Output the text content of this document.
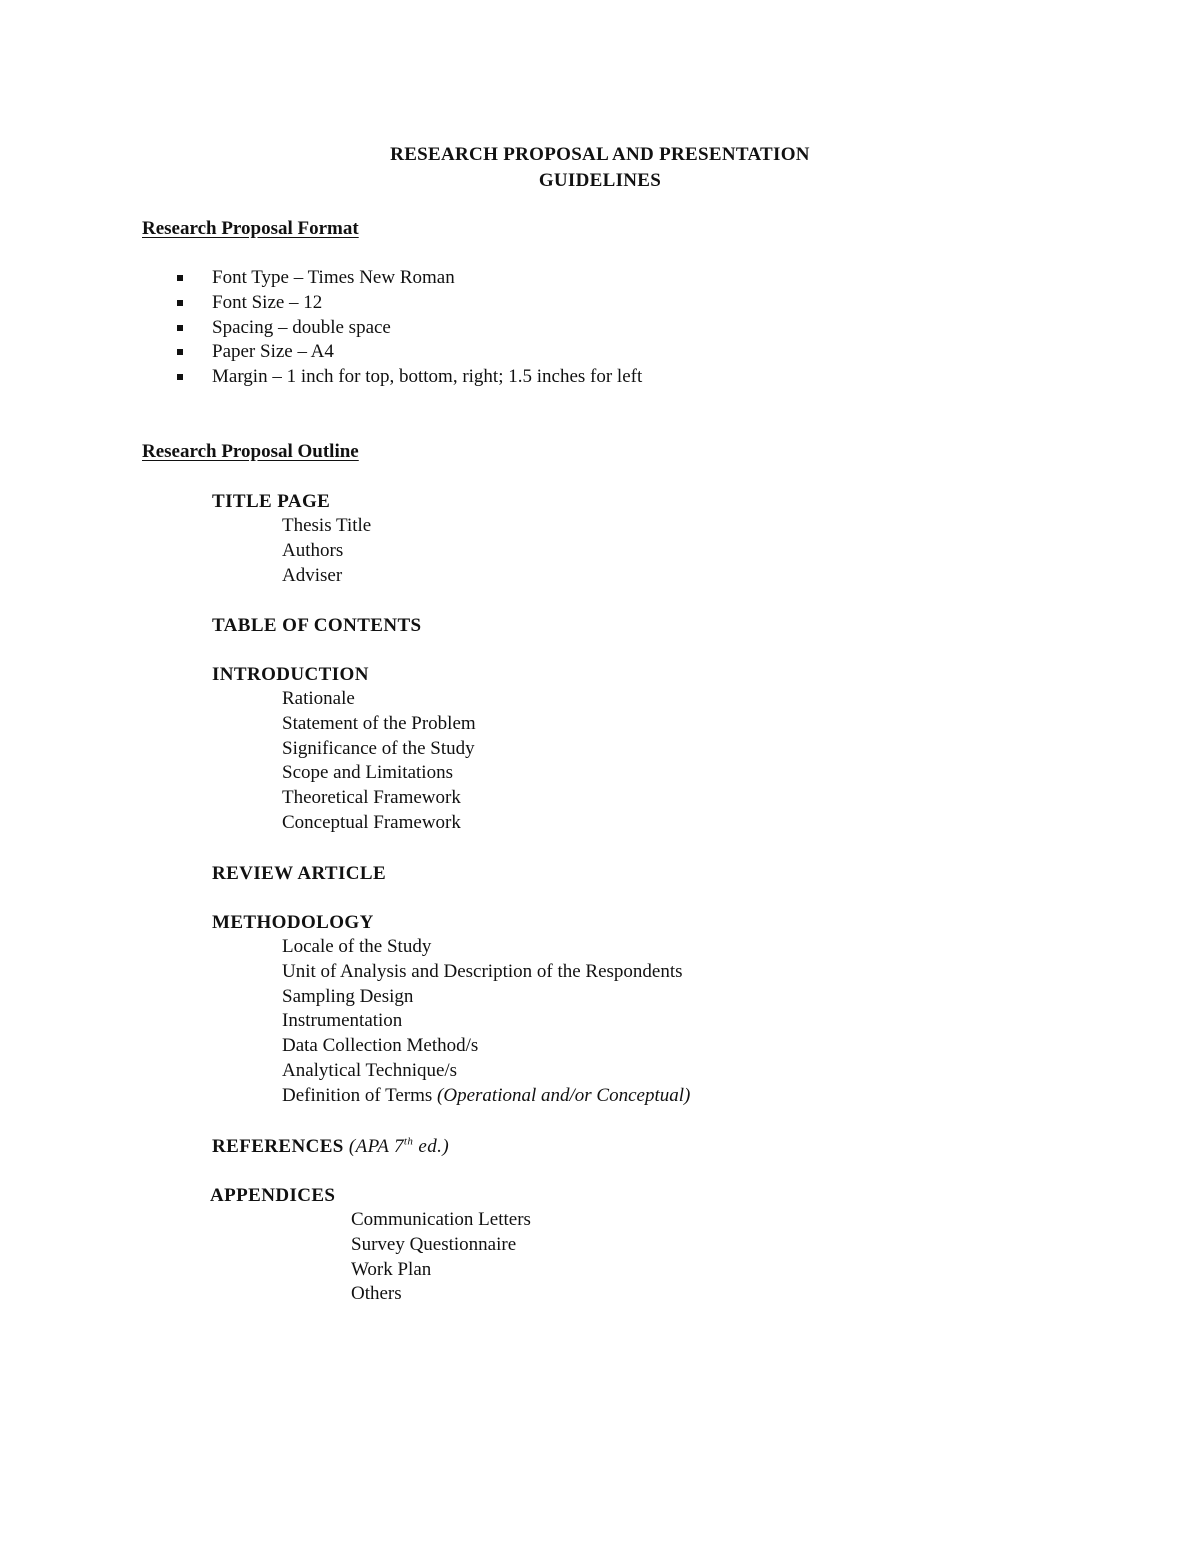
RESEARCH PROPOSAL AND PRESENTATION
GUIDELINES
Research Proposal Format
Font Type – Times New Roman
Font Size – 12
Spacing – double space
Paper Size – A4
Margin – 1 inch for top, bottom, right; 1.5 inches for left
Research Proposal Outline
TITLE PAGE
Thesis Title
Authors
Adviser
TABLE OF CONTENTS
INTRODUCTION
Rationale
Statement of the Problem
Significance of the Study
Scope and Limitations
Theoretical Framework
Conceptual Framework
REVIEW ARTICLE
METHODOLOGY
Locale of the Study
Unit of Analysis and Description of the Respondents
Sampling Design
Instrumentation
Data Collection Method/s
Analytical Technique/s
Definition of Terms (Operational and/or Conceptual)
REFERENCES (APA 7th ed.)
APPENDICES
Communication Letters
Survey Questionnaire
Work Plan
Others
